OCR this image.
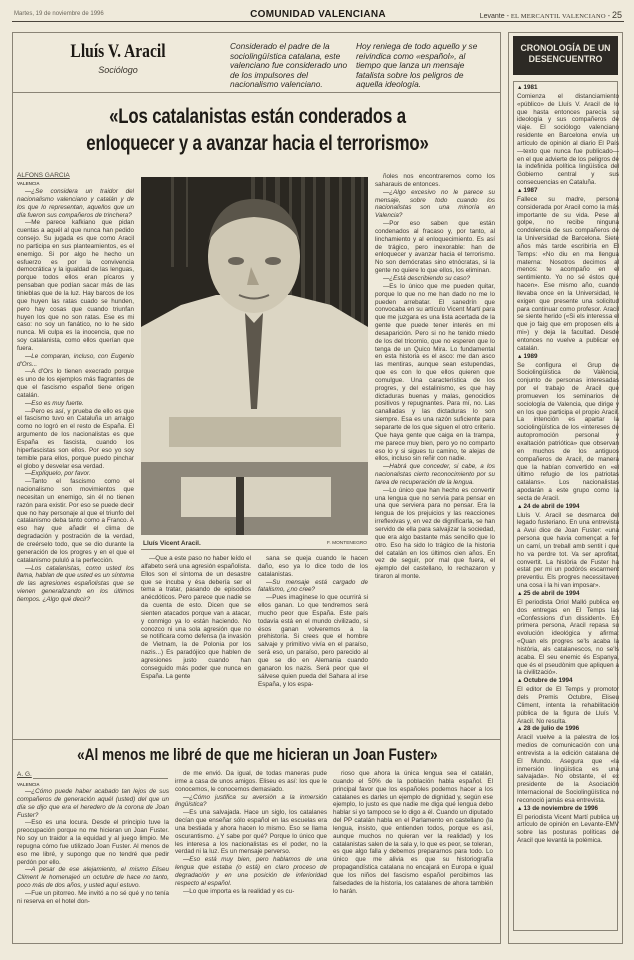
Martes, 19 de noviembre de 1996	COMUNIDAD VALENCIANA	Levante - EL MERCANTIL VALENCIANO - 25
Lluís V. Aracil
Sociólogo
Considerado el padre de la sociolingüística catalana, este valenciano fue considerado uno de los impulsores del nacionalismo valenciano.
Hoy reniega de todo aquello y se reivindica como «español», al tiempo que lanza un mensaje fatalista sobre los peligros de aquella ideología.
«Los catalanistas están conderados a
enloquecer y a avanzar hacia el terrorismo»
ALFONS GARCIA
VALENCIA

—¿Se considera un traidor del nacionalismo valenciano y catalán y de los que lo representan, aquellos que un día fueron sus compañeros de trinchera?

—Me parece kafkiano que pidan cuentas a aquél al que nunca han pedido consejo. Su jugada es que como Aracil no participa en sus planteamientos, es el enemigo. Si por algo he hecho un esfuerzo es por la convivencia democrática y la igualdad de las lenguas, porque todos ellos eran pícaros y pensaban que podían sacar más de las tinieblas que de la luz. Hay barcos de los que huyen las ratas cuado se hunden, pero hay cosas que cuando triunfan huyen los que no son ratas. Ese es mi caso: no soy un fanático, no lo he sido nunca. Mi culpa es la inocencia, que no soy catalanista, como ellos querían que fuera.

—Le comparan, incluso, con Eugenio d'Ors...

—A d'Ors lo tienen execrado porque es uno de los ejemplos más flagrantes de que el fascismo español tiene origen catalán.

—Eso es muy fuerte.

—Pero es así, y prueba de ello es que el fascismo tuvo en Cataluña un arraigo como no logró en el resto de España. El argumento de los nacionalistas es que España es fascista, cuando los hiperfascistas son ellos. Por eso yo soy temible para ellos, porque puedo pinchar el globo y desvelar esa verdad.

—Explíquelo, por favor.

—Tanto el fascismo como el nacionalismo son movimientos que necesitan un enemigo, sin él no tienen razón para existir. Por eso se puede decir que no hay personaje al que el triunfo del catalanismo deba tanto como a Franco. A eso hay que añadir el clima de degradación y postración de la verdad, de creérselo todo, que se dio durante la generación de los progres y en el que el catalanismo pululó a la perfección.

—Los catalanistas, como usted los llama, hablan de que usted es un síntoma de las agresiones españolistas que se vienen generalizando en los últimos tiempos. ¿Algo qué decir?

Lluís Vicent Aracil.	F. MONTENEGRO

—Que a este paso no haber leído el alfabeto será una agresión españolista. Ellos son el síntoma de un desastre que se incuba y ésa debería ser el tema a tratar, pasando de episodios anécdóticos. Pero parece que nadie se da cuenta de esto. Dicen que se sienten atacados porque van a atacar, y conmigo ya lo están haciendo. No conozco ni una sola agresión que no se notificara como defensa (la invasión de Vietnam, la de Polonia por los nazis...) Es paradójico que hablen de agresiones justo cuando han conseguido más poder que nunca en España. La gente

sana se queja cuando le hacen daño, eso ya lo dice todo de los catalanistas.

—Su mensaje está cargado de fatalismo, ¿no cree?

—Pues imagínese lo que ocurrirá si ellos ganan. Lo que tendremos será mucho peor que España. Este país todavía está en el mundo civilizado, si ésos ganan volveremos a la prehistoria. Si crees que el hombre salvaje y primitivo vivía en el paraíso, será eso, un paraíso, pero parecido al que se dio en Alemania cuando ganaron los nazis. Será peor que el sálvese quien pueda del Sahara al irse España, y los espa-

ñoles nos encontraremos como los saharauis de entonces.

—¿Algo excesivo no le parece su mensaje, sobre todo cuando los nacionalistas son una minoría en Valencia?

—Por eso saben que están condenados al fracaso y, por tanto, al linchamiento y al enloquecimiento. Es así de trágico, pero inexorable: han de enloquecer y avanzar hacia el terrorismo. No son demócratas sino etnócratas, si la gente no quiere lo que ellos, los eliminan.

—¿Está describiendo su caso?

—Es lo único que me pueden quitar, porque lo que no me han dado no me lo pueden arrebatar. El sanedrín que convocaba en su artículo Vicent Martí para que me juzgara es una lista acertada de la gente que puede tener interés en mi desaparición. Pero si no he tenido miedo de los del tricornio, que no esperen que lo tenga de un Quico Mira. Lo fundamental en esta historia es el asco: me dan asco las mentiras, aunque sean estupendas, que es con lo que ellos quieren que comulgue. Una característica de los progres, y del estalinismo, es que hay dictaduras buenas y malas, genocidios positivos y repugnantes. Para mí, no. Las canalladas y las dictaduras lo son siempre. Esa es una razón suficiente para separarte de los que siguen el otro criterio. Que haya gente que caiga en la trampa, me parece muy bien, pero yo no comparto eso lo y si sigues tu camino, te alejas de ellos, incluso sin reñir con nadie.

—Habrá que conceder, si cabe, a los nacionalistas cierto reconocimiento por su tarea de recuperación de la lengua.

—Lo único que han hecho es convertir una lengua que no servía para pensar en una que serviera para no pensar. Era la lengua de los prejuicios y las reacciones irreflexivas y, en vez de dignificarla, se han servido de ella para salvajizar la sociedad, que era algo bastante más sencillo que lo otro. Eso ha sido lo trágico de la historia del catalán en los últimos cien años. En vez de seguir, por mal que fuera, el ejemplo del castellano, lo rechazaron y tiraron al monte.

«Al menos me libré de que me hicieran un Joan Fuster»
A. G.
VALENCIA

—¿Cómo puede haber acabado tan lejos de sus compañeros de generación aquél (usted) del que un día se dijo que era el heredero de la corona de Joan Fuster?

—Eso es una locura. Desde el principio tuve la preocupación porque no me hicieran un Joan Fuster. No soy un traidor a la equidad y al juego limpio. Me repugna cómo fue utilizado Joan Fuster. Al menos de eso me libré, y supongo que no tendré que pedir perdón por ello.

—A pesar de ese alejamiento, el mismo Eliseu Climent le homenajeó un octubre de hace no tanto, poco más de dos años, y usted aquí estuvo.

—Fue un pitorreo. Me invitó a no sé qué y no tenía ni reserva en el hotel don-

de me envió. Da igual, de todas maneras pude irme a casa de unos amigos. Eliseu es así: los que le conocemos, le conocemos demasiado.

—¿Cómo justifica su aversión a la inmersión lingüística?

—Es una salvajada. Hace un siglo, los catalanes decían que enseñar sólo español en las escuelas era una bestiada y ahora hacen lo mismo. Eso se llama oscurantismo. ¿Y sabe por qué? Porque lo único que les interesa a los nacionalistas es el poder, no la verdad ni la luz. Es un mensaje perverso.

—Eso está muy bien, pero hablamos de una lengua que estaba (o está) en claro proceso de degradación y en una posición de inferioridad respecto al español.

—Lo que importa es la realidad y es cu-

rioso que ahora la única lengua sea el catalán, cuando el 50% de la población habla español. El principal favor que los españoles podemos hacer a los catalanes es darles un ejemplo de dignidad y, según ese ejemplo, lo justo es que nadie me diga qué lengua debo hablar si yo tampoco se lo digo a él. Cuando un diputado del PP catalán habla en el Parlamento en castellano (la lengua, insisto, que entienden todos, porque es así, aunque muchos no quieran ver la realidad) y los catalanistas salen de la sala y, lo que es peor, se toleran, es que algo falla y debemos prepararnos para todo. Lo único que me alivia es que su historiografía propagandística catalana no encajará en Europa e igual que los niños del fascismo español percibimos las falsedades de la historia, los catalanes de ahora también lo harán.

CRONOLOGÍA DE UN
DESENCUENTRO
▲ 1981
Comienza el distanciamiento «público» de Lluís V. Aracil de lo que hasta entonces parecía su ideología y sus compañeros de viaje. El sociólogo valenciano residente en Barcelona envía un artículo de opinión al diario El País —texto que nunca fue publicado— en el que advierte de los peligros de la indefinida política lingüística del Gobierno central y sus consecuencias en Cataluña.
▲ 1987
Fallece su madre, persona considerada por Aracil como la más importante de su vida. Pese al golpe, no recibe ninguna condolencia de sus compañeros de la Universidad de Barcelona. Siete años más tarde escribiría en El Temps: «No diu en ma llengua materna: Nosotros decimos al menos: te acompaño en el sentimiento. Yo no sé éstos qué hacen». Ese mismo año, cuando llevaba once en la Universidad, le exigen que presente una solicitud para continuar como profesor. Aracil se siente herido («Si els interessa el que jo faig que em proposen ells a mi») y deja la facultad. Desde entonces no vuelve a publicar en catalán.
▲ 1989
Se configura el Grup de Sociolingüística de València, conjunto de personas interesadas por el trabajo de Aracil que promueven los seminarios de sociología de Valencia, que dirige y en los que participa el propio Aracil. La intención es apartar la sociolingüística de los «intereses de autopromoción personal y exaltación patriótica» que observan en muchos de los antiguos compañeros de Aracil, de manera que la habían convertido en «el último refugio de los patriotas catalans». Los nacionalistas apodarán a este grupo como la secta de Aracil.
▲ 24 de abril de 1994
Lluís V. Aracil se desmarca del legado fusteriano. En una entrevista a Avui dice de Joan Fuster: «una persona que havia començat a fer un camí, un treball amb sentit i que ho va perdre tot. Va ser aprofitat, convertit. La història de Fuster ha estat per mi un podórós escarment preventiu. Els progres necessitaven una cosa i la hi van imposar».
▲ 25 de abril de 1994
El periodista Oriol Malló publica en dos entregas en El Temps las «Confessions d'un dissident». En primera persona, Aracil repasa su evolución ideológica y afirma: «Quan els progres se'ls acaba la història, als catalanescos, no se'ls acaba. El seu enemic és Espanya, que és el pseudònim que apliquen a la civilització».
▲ Octubre de 1994
El editor de El Temps y promotor dels Premis Octubre, Eliseu Climent, intenta la rehabilitación pública de la figura de Lluís V. Aracil. No resulta.
▲ 28 de julio de 1996
Aracil vuelve a la palestra de los medios de comunicación con una entrevista a la edición catalana de El Mundo. Asegura que «la inmersión lingüística es una salvajada». No obstante, el ex presidente de la Asociación Internacional de Sociolingüística no reconoció jamás esa entrevista.
▲ 13 de noviembre de 1996
El periodista Vicent Martí publica un artículo de opinión en Levante-EMV sobre las posturas políticas de Aracil que levantá la polémica.
